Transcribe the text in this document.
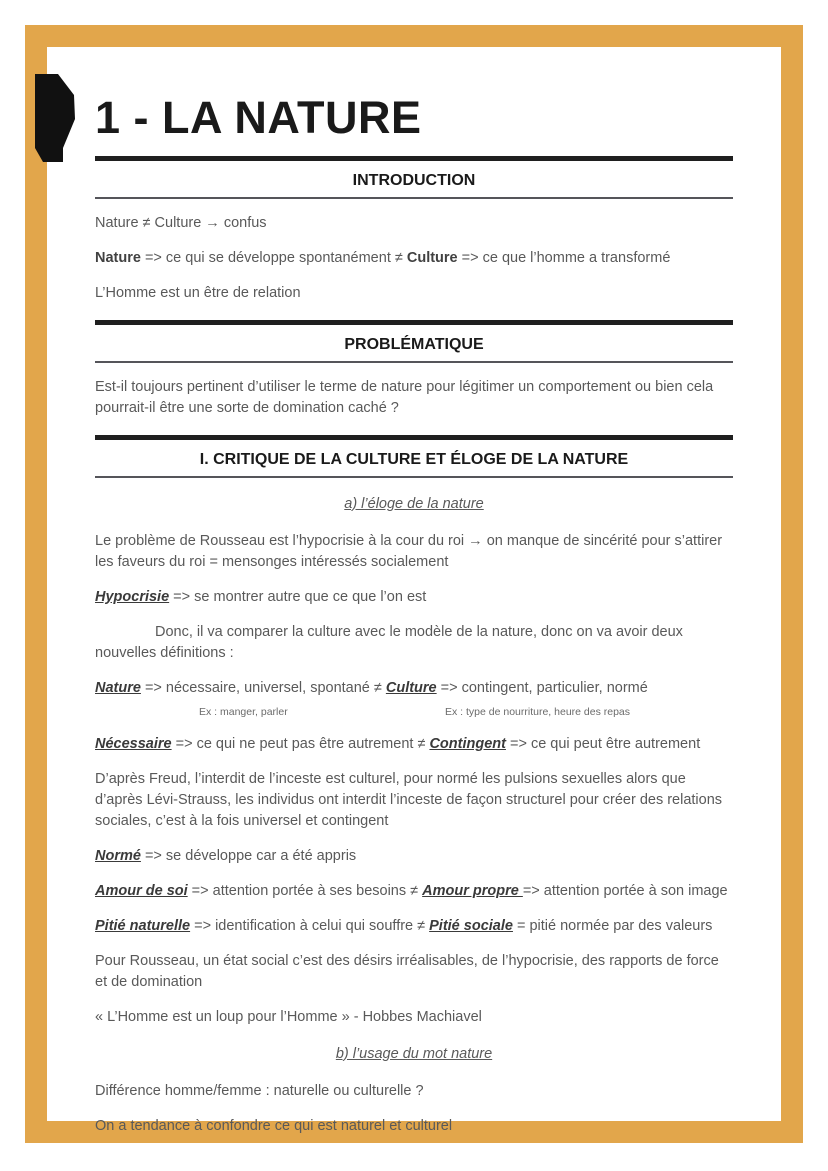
1 - LA NATURE
INTRODUCTION

Nature ≠ Culture → confus

Nature => ce qui se développe spontanément ≠ Culture => ce que l’homme a transformé

L’Homme est un être de relation

PROBLÉMATIQUE

Est-il toujours pertinent d’utiliser le terme de nature pour légitimer un comportement ou bien cela pourrait-il être une sorte de domination caché ?

I. CRITIQUE DE LA CULTURE ET ÉLOGE DE LA NATURE

a) l’éloge de la nature

Le problème de Rousseau est l’hypocrisie à la cour du roi → on manque de sincérité pour s’attirer les faveurs du roi = mensonges intéressés socialement

Hypocrisie => se montrer autre que ce que l’on est

Donc, il va comparer la culture avec le modèle de la nature, donc on va avoir deux nouvelles définitions :

Nature => nécessaire, universel, spontané ≠ Culture => contingent, particulier, normé

Ex : manger, parler	Ex : type de nourriture, heure des repas

Nécessaire => ce qui ne peut pas être autrement ≠ Contingent => ce qui peut être autrement

D’après Freud, l’interdit de l’inceste est culturel, pour normé les pulsions sexuelles alors que d’après Lévi-Strauss, les individus ont interdit l’inceste de façon structurel pour créer des relations sociales, c’est à la fois universel et contingent

Normé => se développe car a été appris

Amour de soi => attention portée à ses besoins ≠ Amour propre => attention portée à son image

Pitié naturelle => identification à celui qui souffre ≠ Pitié sociale = pitié normée par des valeurs

Pour Rousseau, un état social c’est des désirs irréalisables, de l’hypocrisie, des rapports de force et de domination

« L’Homme est un loup pour l’Homme » - Hobbes Machiavel

b) l’usage du mot nature

Différence homme/femme : naturelle ou culturelle ?

On a tendance à confondre ce qui est naturel et culturel
